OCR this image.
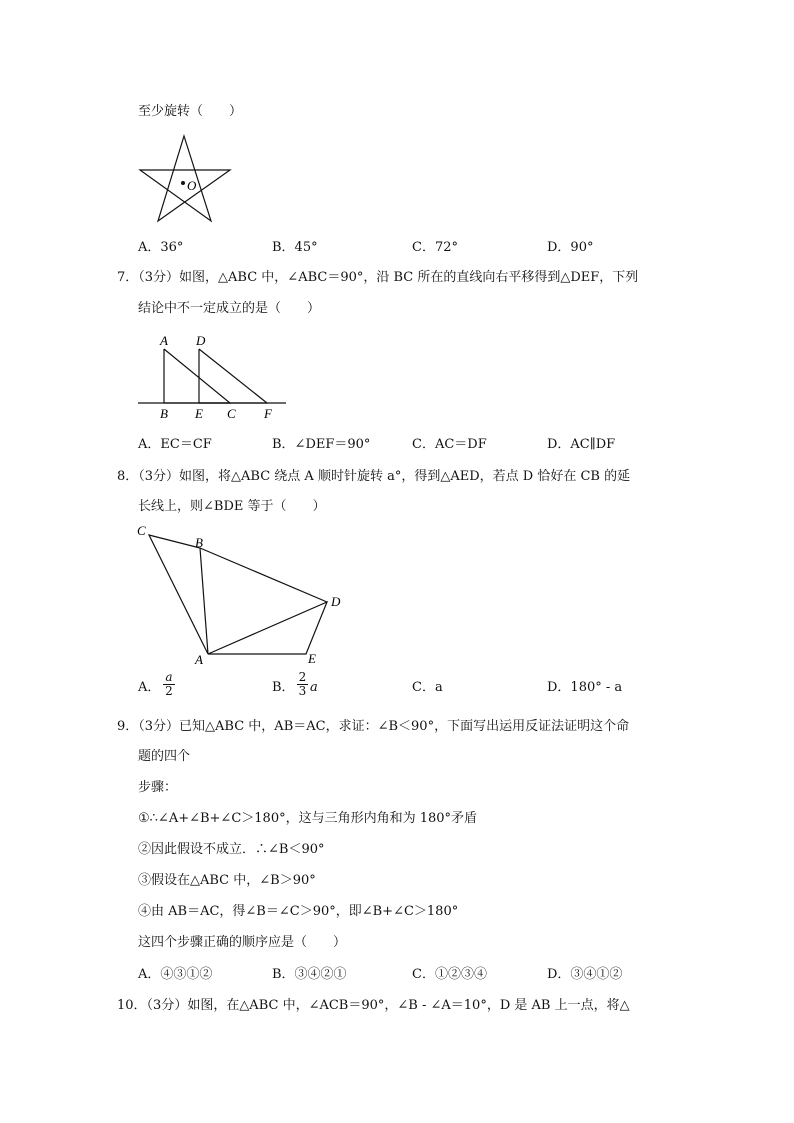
至少旋转（　　）
O
A．36°	B．45°	C．72°	D．90°
7．（3分）如图，△ABC 中，∠ABC＝90°，沿 BC 所在的直线向右平移得到△DEF，下列
结论中不一定成立的是（　　）
A D
B E C F
A．EC＝CF	B．∠DEF＝90°	C．AC＝DF	D．AC∥DF
8．（3分）如图，将△ABC 绕点 A 顺时针旋转 a°，得到△AED，若点 D 恰好在 CB 的延
长线上，则∠BDE 等于（　　）
C
B
D
A	E
A． $\frac{a}{2}$	B． $\frac{2}{3}$ a	C．a	D．180° - a
9．（3分）已知△ABC 中，AB＝AC，求证：∠B＜90°，下面写出运用反证法证明这个命
题的四个
步骤：
①∴∠A+∠B+∠C＞180°，这与三角形内角和为 180°矛盾
②因此假设不成立．∴∠B＜90°
③假设在△ABC 中，∠B＞90°
④由 AB＝AC，得∠B＝∠C＞90°，即∠B+∠C＞180°
这四个步骤正确的顺序应是（　　）
A．④③①②	B．③④②①	C．①②③④	D．③④①②
10．（3分）如图，在△ABC 中，∠ACB＝90°，∠B - ∠A＝10°，D 是 AB 上一点，将△
